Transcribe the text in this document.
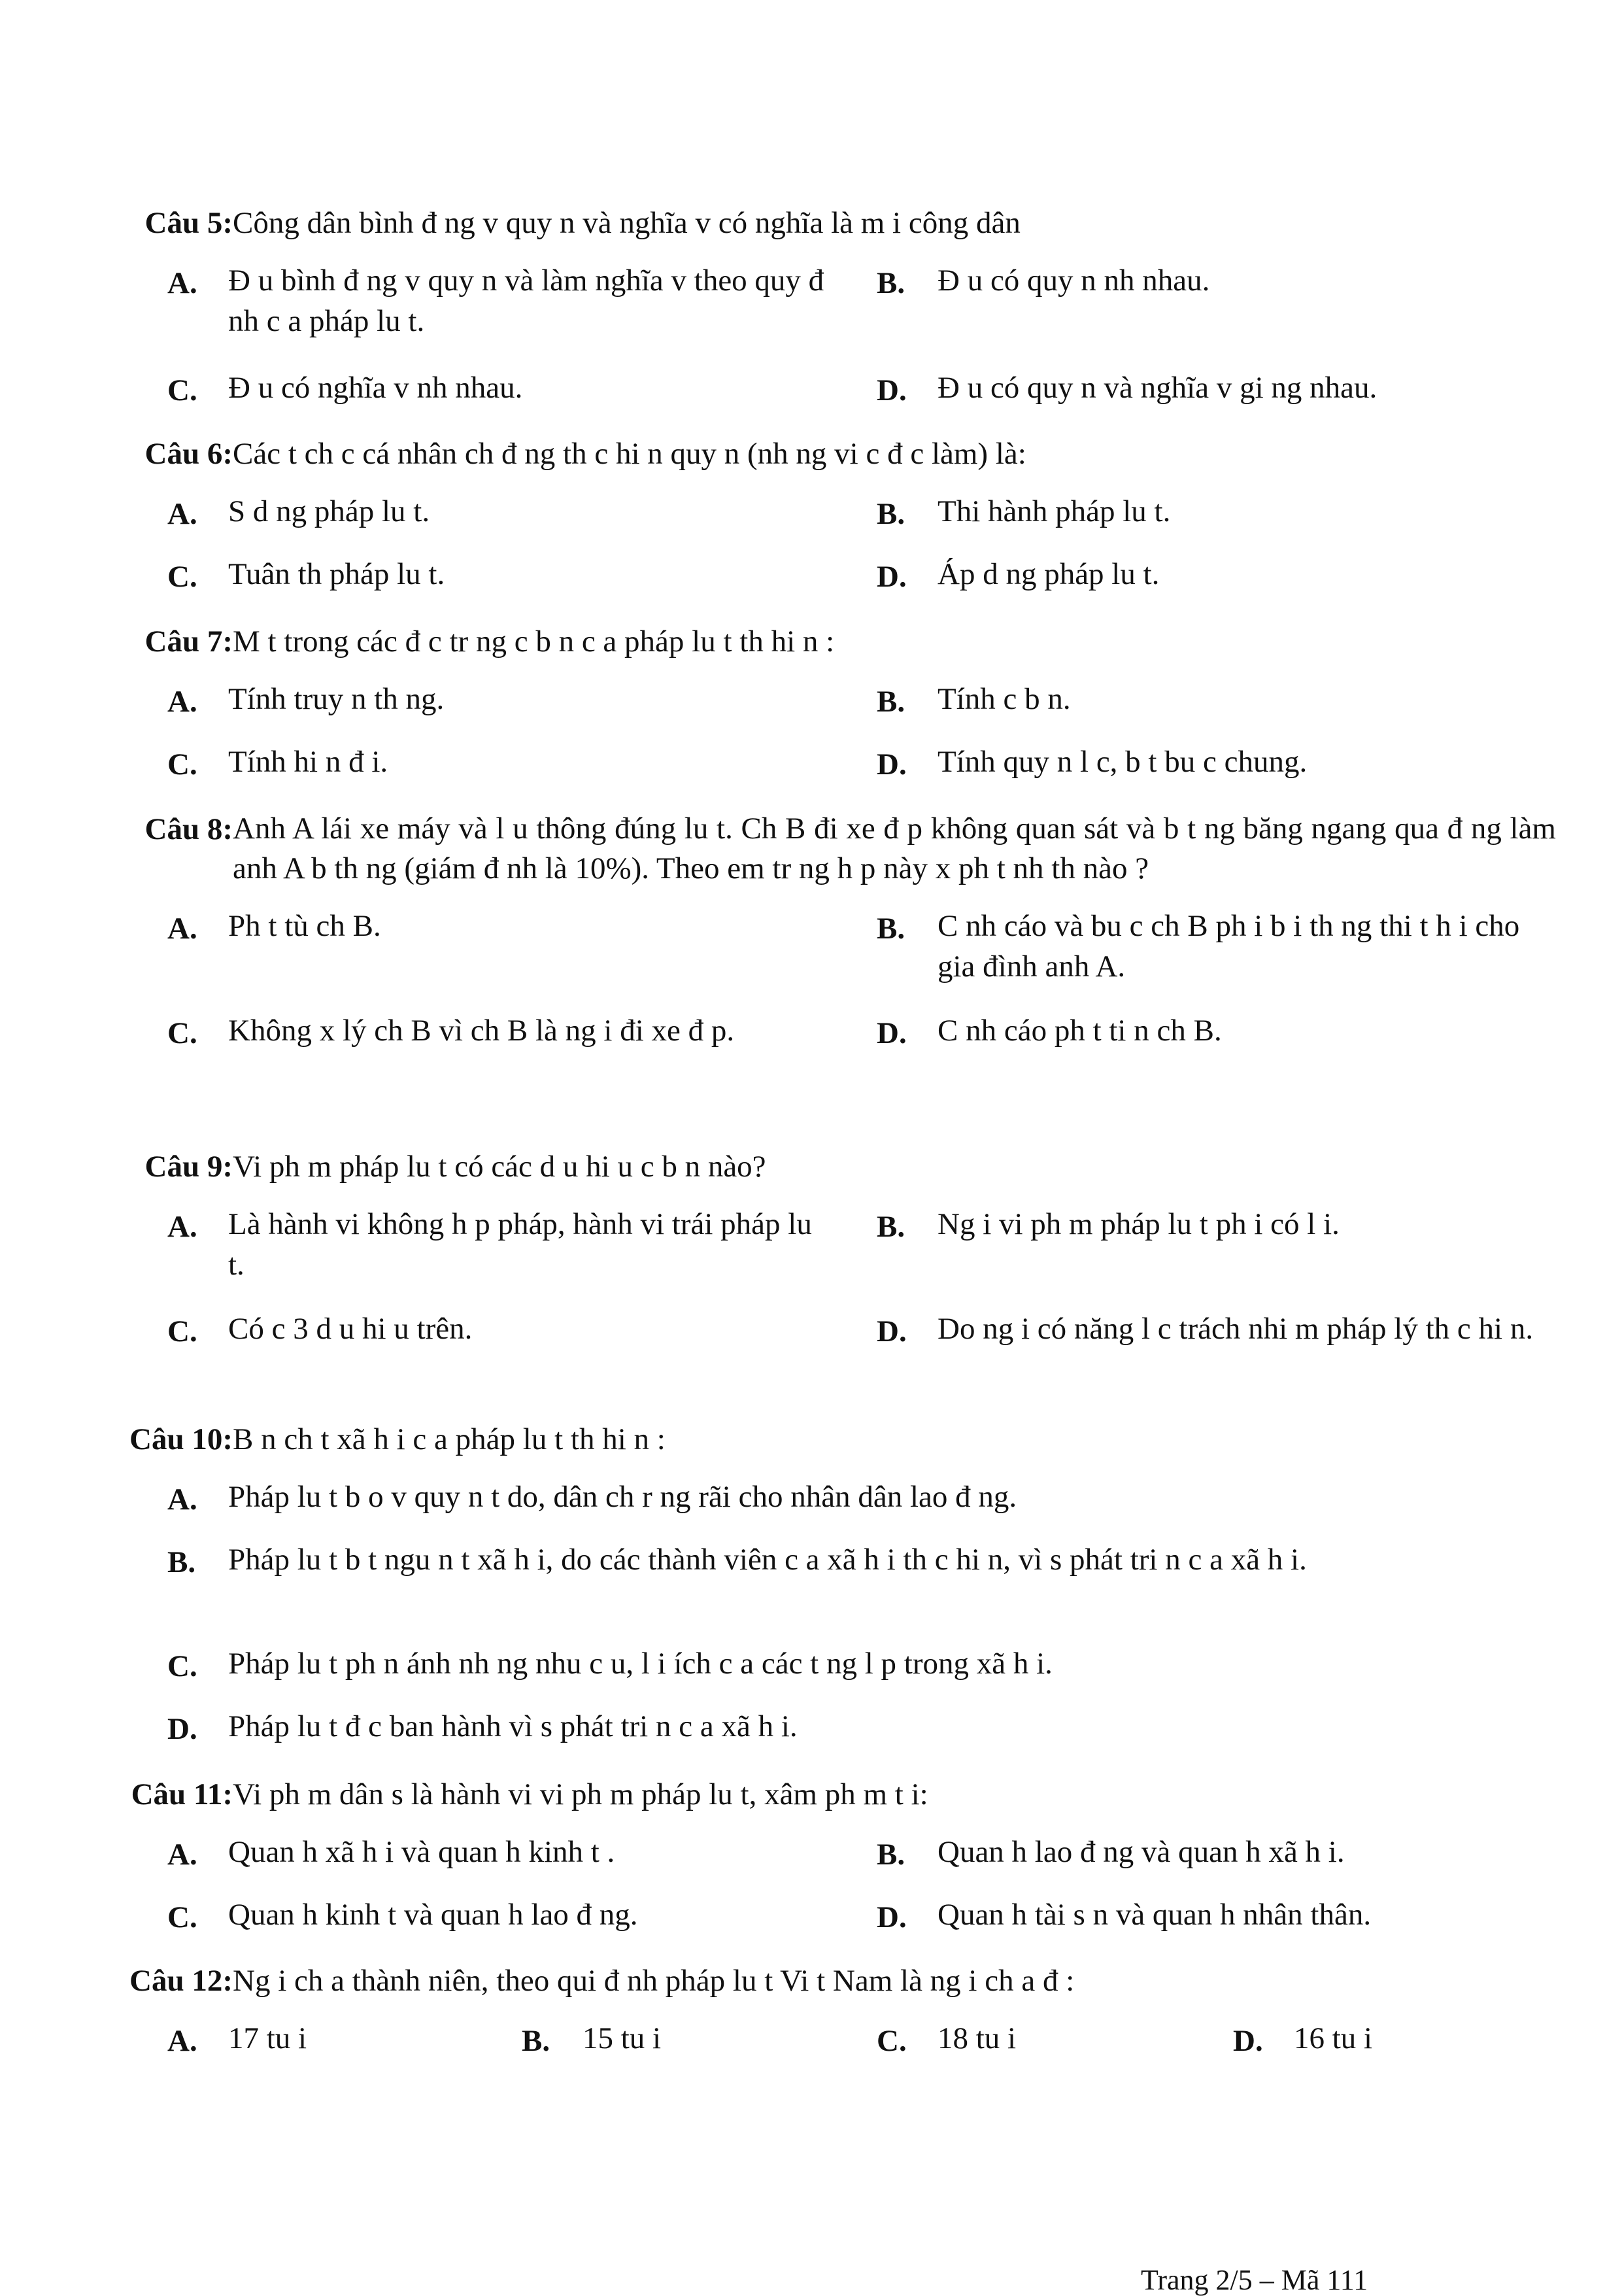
Câu 5: Công dân bình đ ng v quy n và nghĩa v có nghĩa là m i công dân
A.	Đ u bình đ ng v quy n và làm nghĩa v theo quy đ nh c a pháp lu t.
B.	Đ u có quy n nh nhau.
C.	Đ u có nghĩa v nh nhau.	D.	Đ u có quy n và nghĩa v gi ng nhau.
Câu 6: Các t ch c cá nhân ch đ ng th c hi n quy n (nh ng vi c đ c làm) là:
A.	S d ng pháp lu t.	B.	Thi hành pháp lu t.
C.	Tuân th pháp lu t.	D.	Áp d ng pháp lu t.
Câu 7: M t trong các đ c tr ng c b n c a pháp lu t th hi n :
A.	Tính truy n th ng.	B.	Tính c b n.
C.	Tính hi n đ i.	D.	Tính quy n l c, b t bu c chung.
Câu 8: Anh A lái xe máy và l u thông đúng lu t. Ch B đi xe đ p không quan sát và b t ng băng ngang qua đ ng làm anh A b th ng (giám đ nh là 10%). Theo em tr ng h p này x ph t nh th nào ?
A.	Ph t tù ch B.	B.	C nh cáo và bu c ch B ph i b i th ng thi t h i cho gia đình anh A.
C.	Không x lý ch B vì ch B là ng i đi xe đ p.	D.	C nh cáo ph t ti n ch B.
Câu 9: Vi ph m pháp lu t có các d u hi u c b n nào?
A.	Là hành vi không h p pháp, hành vi trái pháp lu t.
B.	Ng i vi ph m pháp lu t ph i có l i.
C.	Có c 3 d u hi u trên.	D.	Do ng i có năng l c trách nhi m pháp lý th c hi n.
Câu 10: B n ch t xã h i c a pháp lu t th hi n :
A.	Pháp lu t b o v quy n t do, dân ch r ng rãi cho nhân dân lao đ ng.
B.	Pháp lu t b t ngu n t xã h i, do các thành viên c a xã h i th c hi n, vì s phát tri n c a xã h i.
C.	Pháp lu t ph n ánh nh ng nhu c u, l i ích c a các t ng l p trong xã h i.
D.	Pháp lu t đ c ban hành vì s phát tri n c a xã h i.
Câu 11: Vi ph m dân s là hành vi vi ph m pháp lu t, xâm ph m t i:
A.	Quan h xã h i và quan h kinh t .	B.	Quan h lao đ ng và quan h xã h i.
C.	Quan h kinh t và quan h lao đ ng.	D.	Quan h tài s n và quan h nhân thân.
Câu 12: Ng i ch a thành niên, theo qui đ nh pháp lu t Vi t Nam là ng i ch a đ :
A.	17 tu i	B.	15 tu i	C.	18 tu i	D.	16 tu i
Trang 2/5 – Mã 111
